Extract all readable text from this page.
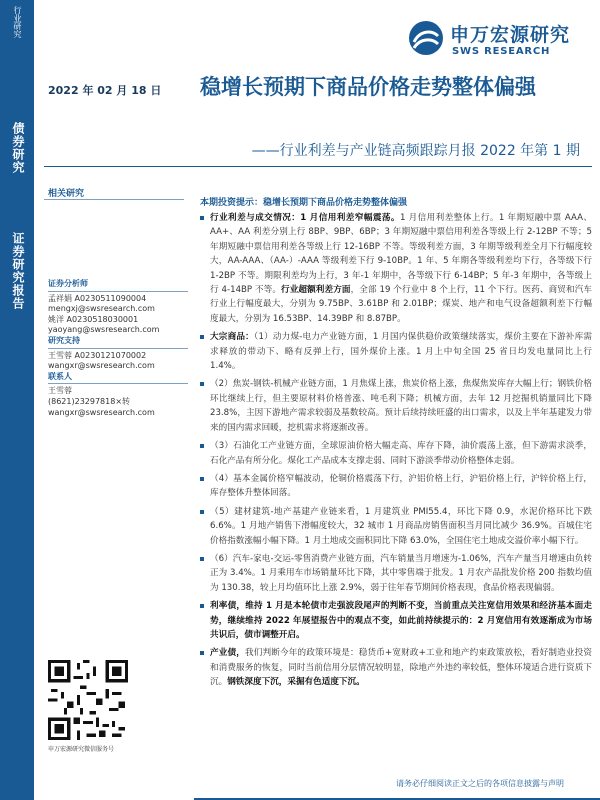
行业研究
债券研究
证券研究报告
申万宏源研究
SWS RESEARCH
2022 年 02 月 18 日 稳增长预期下商品价格走势整体偏强
——行业利差与产业链高频跟踪月报 2022 年第 1 期
相关研究
证券分析师
孟祥娟 A0230511090004
mengxj@swsresearch.com
姚洋 A0230518030001
yaoyang@swsresearch.com
研究支持
王雪蓉 A0230121070002
wangxr@swsresearch.com
联系人
王雪蓉
(8621)23297818×转
wangxr@swsresearch.com
申万宏源研究微信服务号
本期投资提示：稳增长预期下商品价格走势整体偏强
行业利差与成交情况：1 月信用利差窄幅震荡。1 月信用利差整体上行。1 年期短融中票 AAA、AA+、AA 利差分别上行 8BP、9BP、6BP；3 年期短融中票信用利差各等级上行 2-12BP 不等；5 年期短融中票信用利差各等级上行 12-16BP 不等。等级利差方面，3 年期等级利差全月下行幅度较大，AA-AAA、（AA-）-AAA 等级利差下行 9-10BP。1 年、5 年期各等级利差均下行，各等级下行 1-2BP 不等。期限利差均为上行，3 年-1 年期中，各等级下行 6-14BP；5 年-3 年期中，各等级上行 4-14BP 不等。行业超额利差方面，全部 19 个行业中 8 个上行，11 个下行。医药、商贸和汽车行业上行幅度最大，分别为 9.75BP、3.61BP 和 2.01BP；煤炭、地产和电气设备超额利差下行幅度最大，分别为 16.53BP、14.39BP 和 8.87BP。
大宗商品：（1）动力煤-电力产业链方面，1 月国内保供稳价政策继续落实，煤价主要在下游补库需求释放的带动下、略有反弹上行，国外煤价上涨。1 月上中旬全国 25 省日均发电量同比上行 1.4%。
（2）焦炭-钢铁-机械产业链方面，1 月焦煤上涨，焦炭价格上涨，焦煤焦炭库存大幅上行；钢铁价格环比继续上行，但主要原材料价格普涨、吨毛利下降；机械方面，去年 12 月挖掘机销量同比下降 23.8%，主因下游地产需求较弱及基数较高。预计后续持续旺盛的出口需求，以及上半年基建发力带来的国内需求回暖，挖机需求将逐渐改善。
（3）石油化工产业链方面，全球原油价格大幅走高、库存下降，油价震荡上涨，但下游需求淡季，石化产品有所分化。煤化工产品成本支撑走弱、同时下游淡季带动价格整体走弱。
（4）基本金属价格窄幅波动，伦铜价格震荡下行，沪铝价格上行，沪铝价格上行，沪锌价格上行，库存整体升整体回落。
（5）建材建筑-地产基建产业链来看，1 月建筑业 PMI55.4，环比下降 0.9，水泥价格环比下跌 6.6%。1 月地产销售下滑幅度较大，32 城市 1 月商品房销售面积当月同比减少 36.9%。百城住宅价格指数涨幅小幅下降。1 月土地成交面积同比下降 63.0%，全国住宅土地成交溢价率小幅下行。
（6）汽车-家电-交运-零售消费产业链方面，汽车销量当月增速为-1.06%，汽车产量当月增速由负转正为 3.4%。1 月乘用车市场销量环比下降，其中零售端于批发。1 月农产品批发价格 200 指数均值为 130.38，较上月均值环比上涨 2.9%，弱于往年春节期间价格表现，食品价格表现偏弱。
利率债，维持 1 月是本轮债市走强波段尾声的判断不变，当前重点关注宽信用效果和经济基本面走势，继续维持 2022 年展望报告中的观点不变，如此前持续提示的：2 月宽信用有效逐渐成为市场共识后，债市调整开启。
产业债，我们判断今年的政策环境是：稳货币+宽财政+工业和地产约束政策放松，看好制造业投资和消费服务的恢复，同时当前信用分层情况较明显，除地产外违约率较低，整体环境适合进行资质下沉。钢铁深度下沉，采掘有色适度下沉。
请务必仔细阅读正文之后的各项信息披露与声明
